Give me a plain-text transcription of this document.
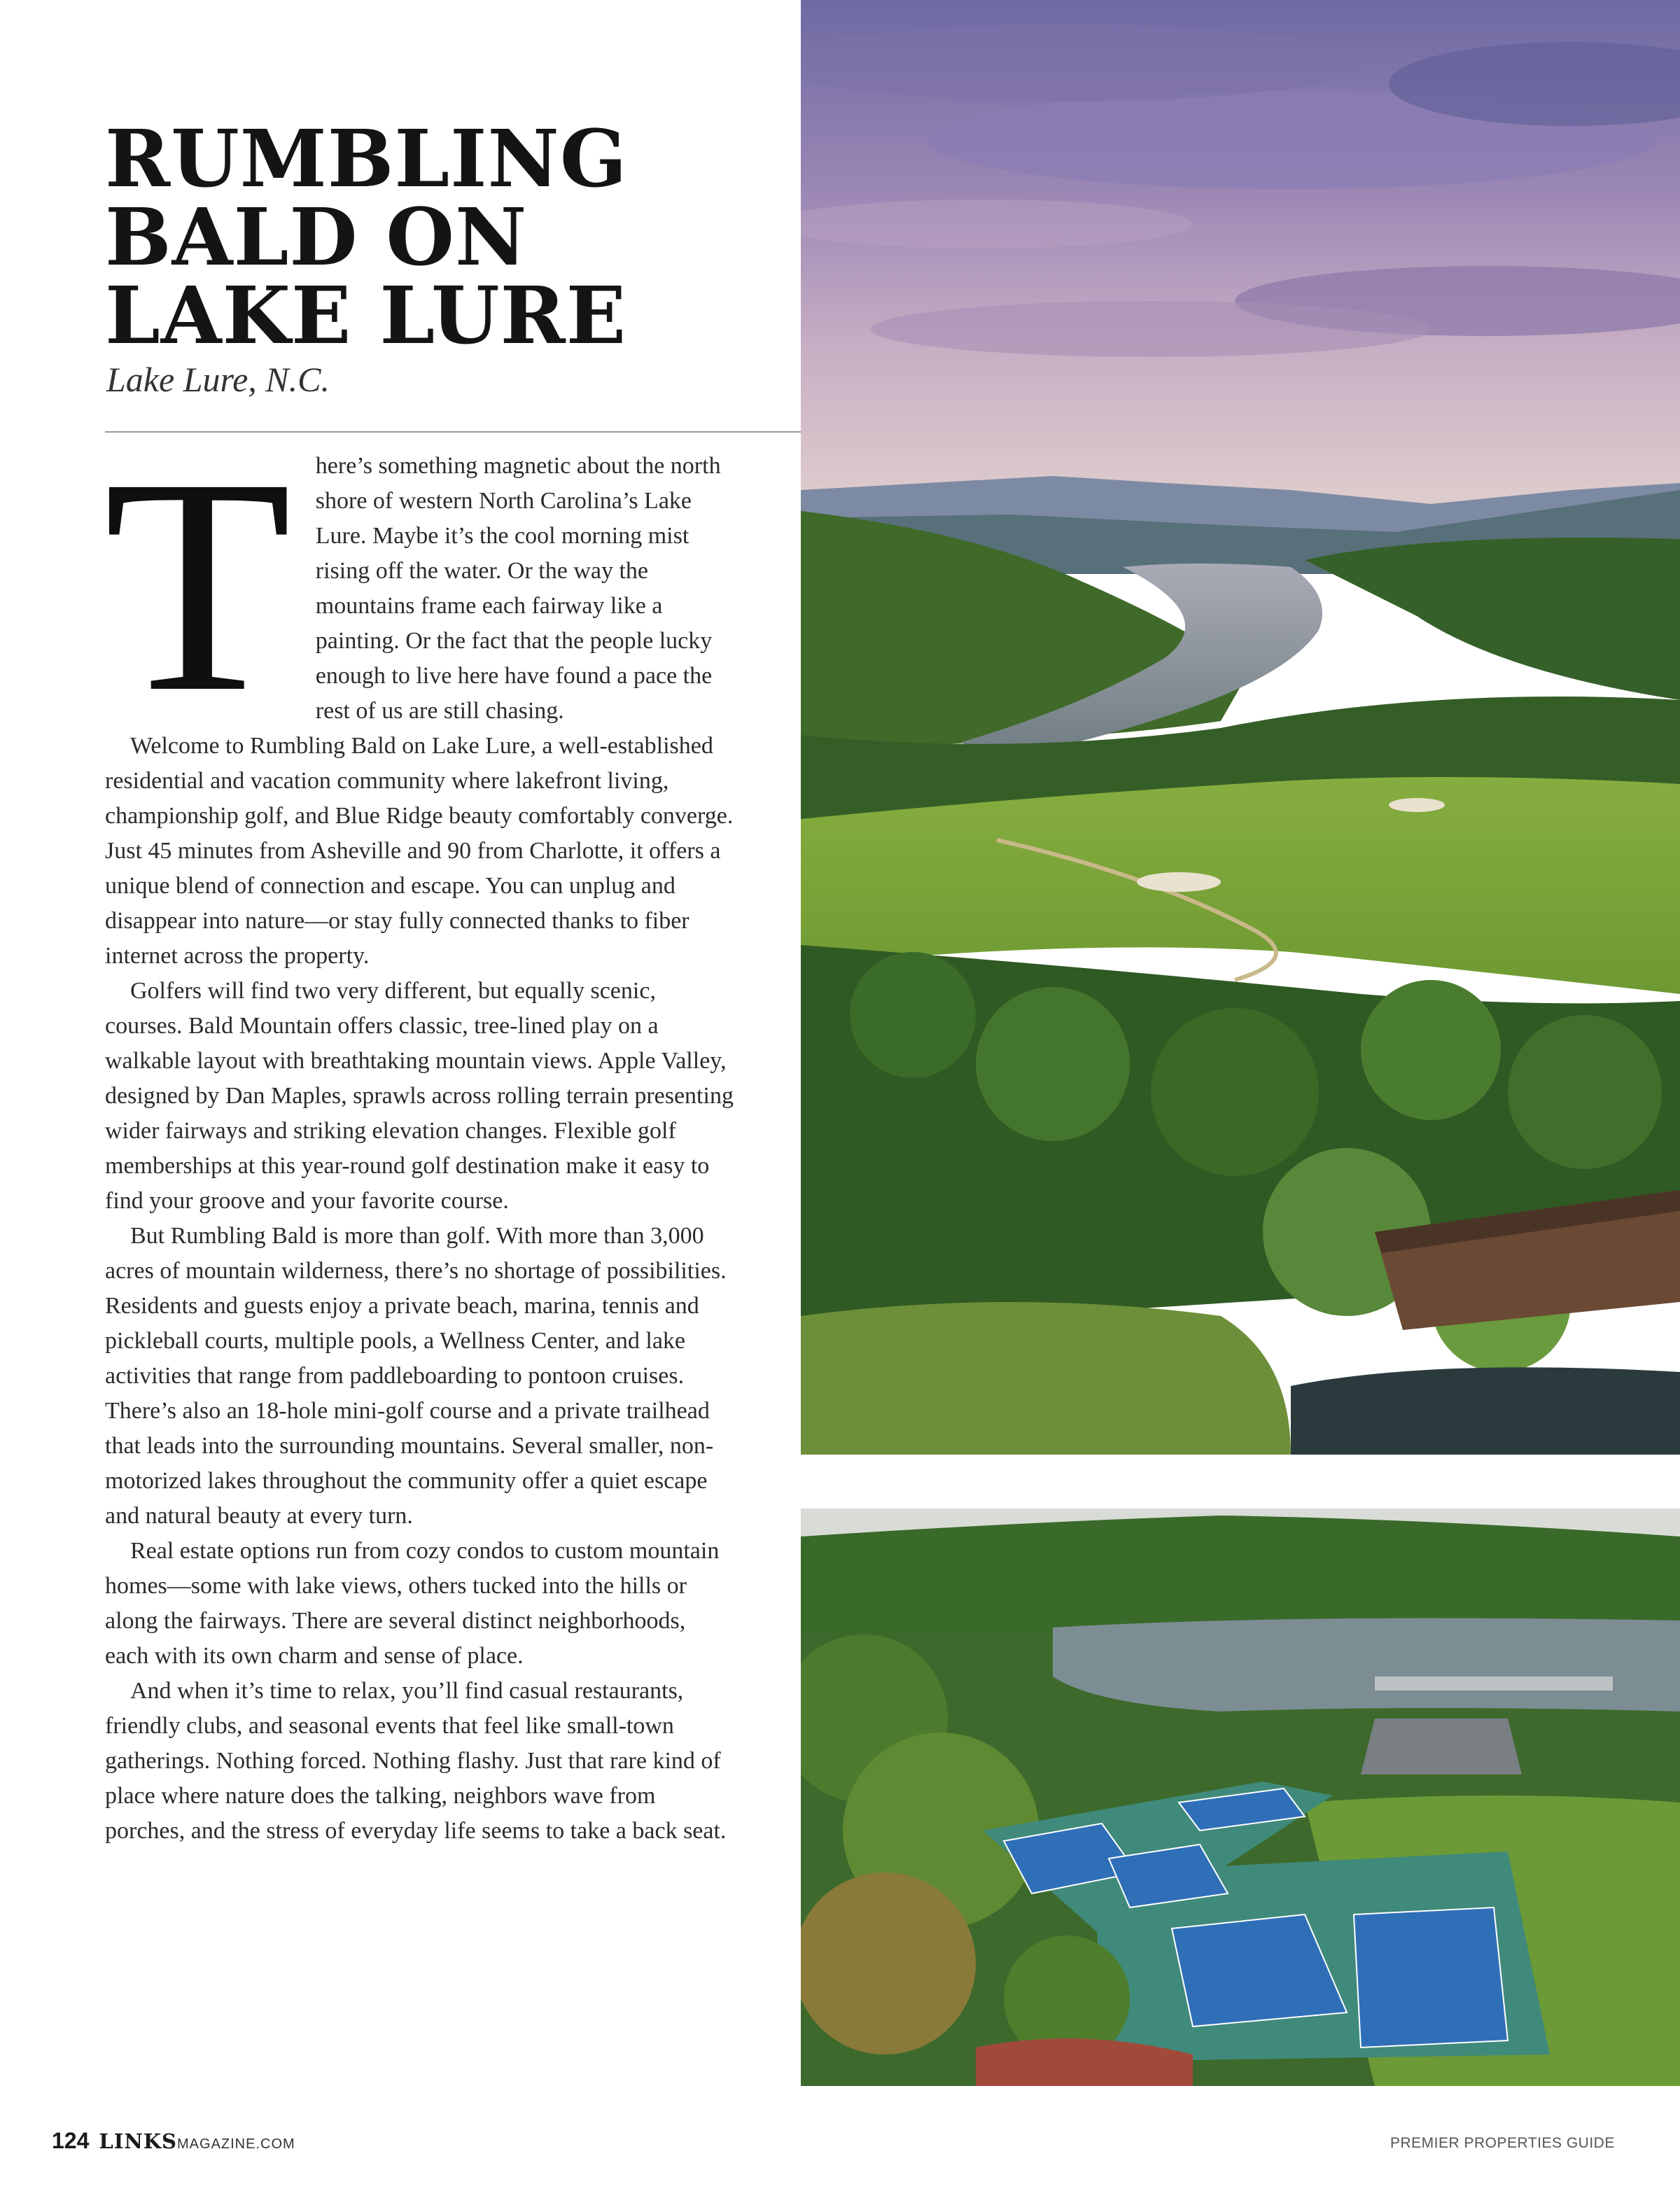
RUMBLING
BALD ON
LAKE LURE

Lake Lure, N.C.

T	here’s something magnetic about the north shore of western North Carolina’s Lake Lure. Maybe it’s the cool morning mist rising off the water. Or the way the mountains frame each fairway like a painting. Or the fact that the people lucky enough to live here have found a pace the rest of us are still chasing.

Welcome to Rumbling Bald on Lake Lure, a well-established residential and vacation community where lakefront living, championship golf, and Blue Ridge beauty comfortably converge. Just 45 minutes from Asheville and 90 from Charlotte, it offers a unique blend of connection and escape. You can unplug and disappear into nature—or stay fully connected thanks to fiber internet across the property.

Golfers will find two very different, but equally scenic, courses. Bald Mountain offers classic, tree-lined play on a walkable layout with breathtaking mountain views. Apple Valley, designed by Dan Maples, sprawls across rolling terrain presenting wider fairways and striking elevation changes. Flexible golf memberships at this year-round golf destination make it easy to find your groove and your favorite course.

But Rumbling Bald is more than golf. With more than 3,000 acres of mountain wilderness, there’s no shortage of possibilities. Residents and guests enjoy a private beach, marina, tennis and pickleball courts, multiple pools, a Wellness Center, and lake activities that range from paddleboarding to pontoon cruises. There’s also an 18-hole mini-golf course and a private trailhead that leads into the surrounding mountains. Several smaller, non-motorized lakes throughout the community offer a quiet escape and natural beauty at every turn.

Real estate options run from cozy condos to custom mountain homes—some with lake views, others tucked into the hills or along the fairways. There are several distinct neighborhoods, each with its own charm and sense of place.

And when it’s time to relax, you’ll find casual restaurants, friendly clubs, and seasonal events that feel like small-town gatherings. Nothing forced. Nothing flashy. Just that rare kind of place where nature does the talking, neighbors wave from porches, and the stress of everyday life seems to take a back seat.

124 LINKS MAGAZINE.COM	PREMIER PROPERTIES GUIDE
